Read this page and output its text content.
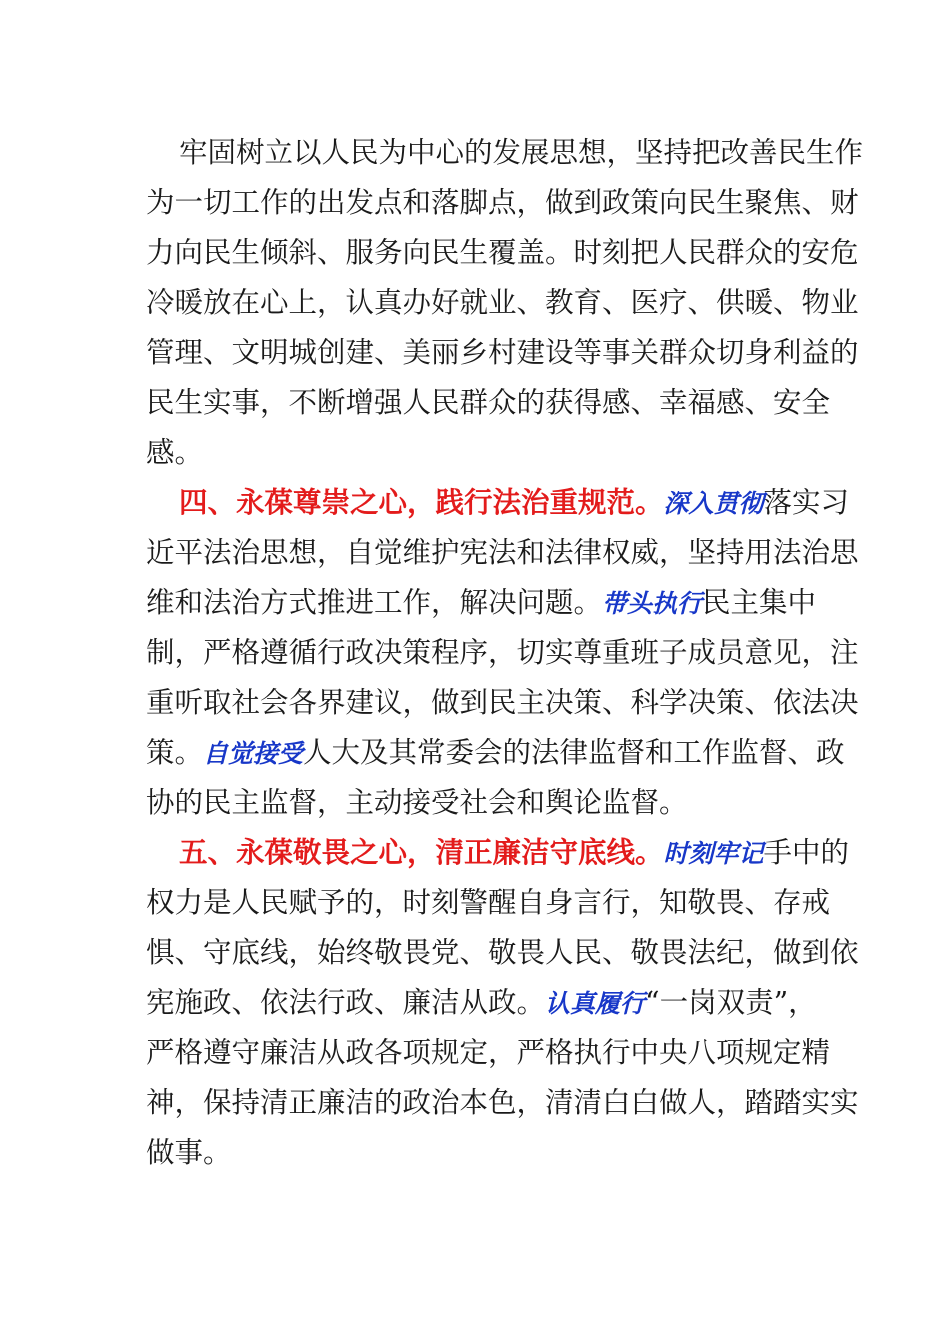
牢固树立以人民为中心的发展思想，坚持把改善民生作
为一切工作的出发点和落脚点，做到政策向民生聚焦、财
力向民生倾斜、服务向民生覆盖。时刻把人民群众的安危
冷暖放在心上，认真办好就业、教育、医疗、供暖、物业
管理、文明城创建、美丽乡村建设等事关群众切身利益的
民生实事，不断增强人民群众的获得感、幸福感、安全
感。
四、永葆尊崇之心，践行法治重规范。深入贯彻落实习
近平法治思想，自觉维护宪法和法律权威，坚持用法治思
维和法治方式推进工作，解决问题。带头执行民主集中
制，严格遵循行政决策程序，切实尊重班子成员意见，注
重听取社会各界建议，做到民主决策、科学决策、依法决
策。自觉接受人大及其常委会的法律监督和工作监督、政
协的民主监督，主动接受社会和舆论监督。
五、永葆敬畏之心，清正廉洁守底线。时刻牢记手中的
权力是人民赋予的，时刻警醒自身言行，知敬畏、存戒
惧、守底线，始终敬畏党、敬畏人民、敬畏法纪，做到依
宪施政、依法行政、廉洁从政。认真履行“一岗双责”，
严格遵守廉洁从政各项规定，严格执行中央八项规定精
神，保持清正廉洁的政治本色，清清白白做人，踏踏实实
做事。
